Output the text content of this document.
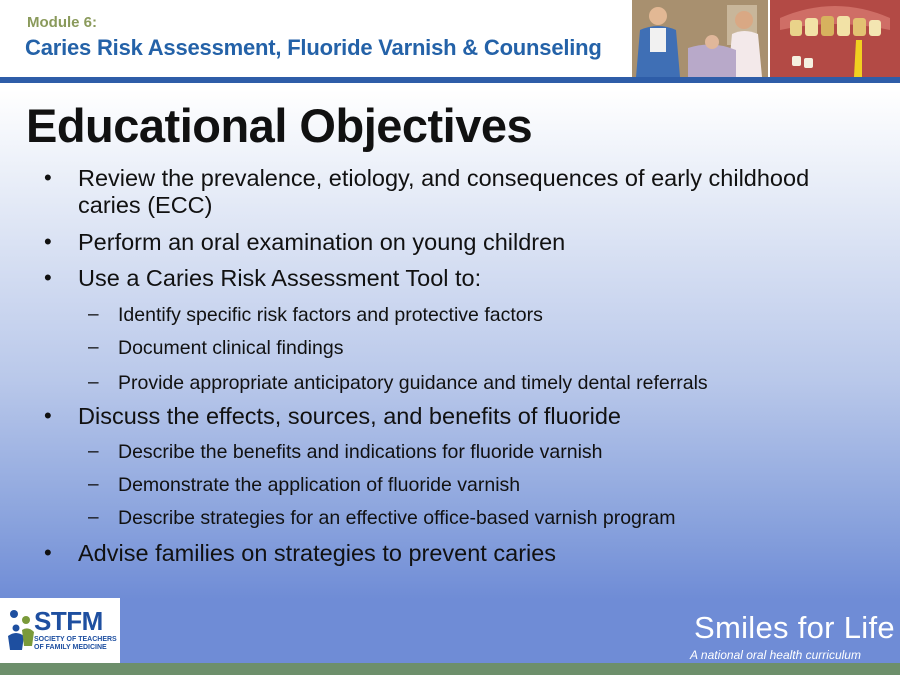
Module 6:
Caries Risk Assessment, Fluoride Varnish & Counseling
Educational Objectives
• Review the prevalence, etiology, and consequences of early childhood caries (ECC)
• Perform an oral examination on young children
• Use a Caries Risk Assessment Tool to:
– Identify specific risk factors and protective factors
– Document clinical findings
– Provide appropriate anticipatory guidance and timely dental referrals
• Discuss the effects, sources, and benefits of fluoride
– Describe the benefits and indications for fluoride varnish
– Demonstrate the application of fluoride varnish
– Describe strategies for an effective office-based varnish program
• Advise families on strategies to prevent caries
STFM
SOCIETY OF TEACHERS OF FAMILY MEDICINE
Smiles for Life
A national oral health curriculum
